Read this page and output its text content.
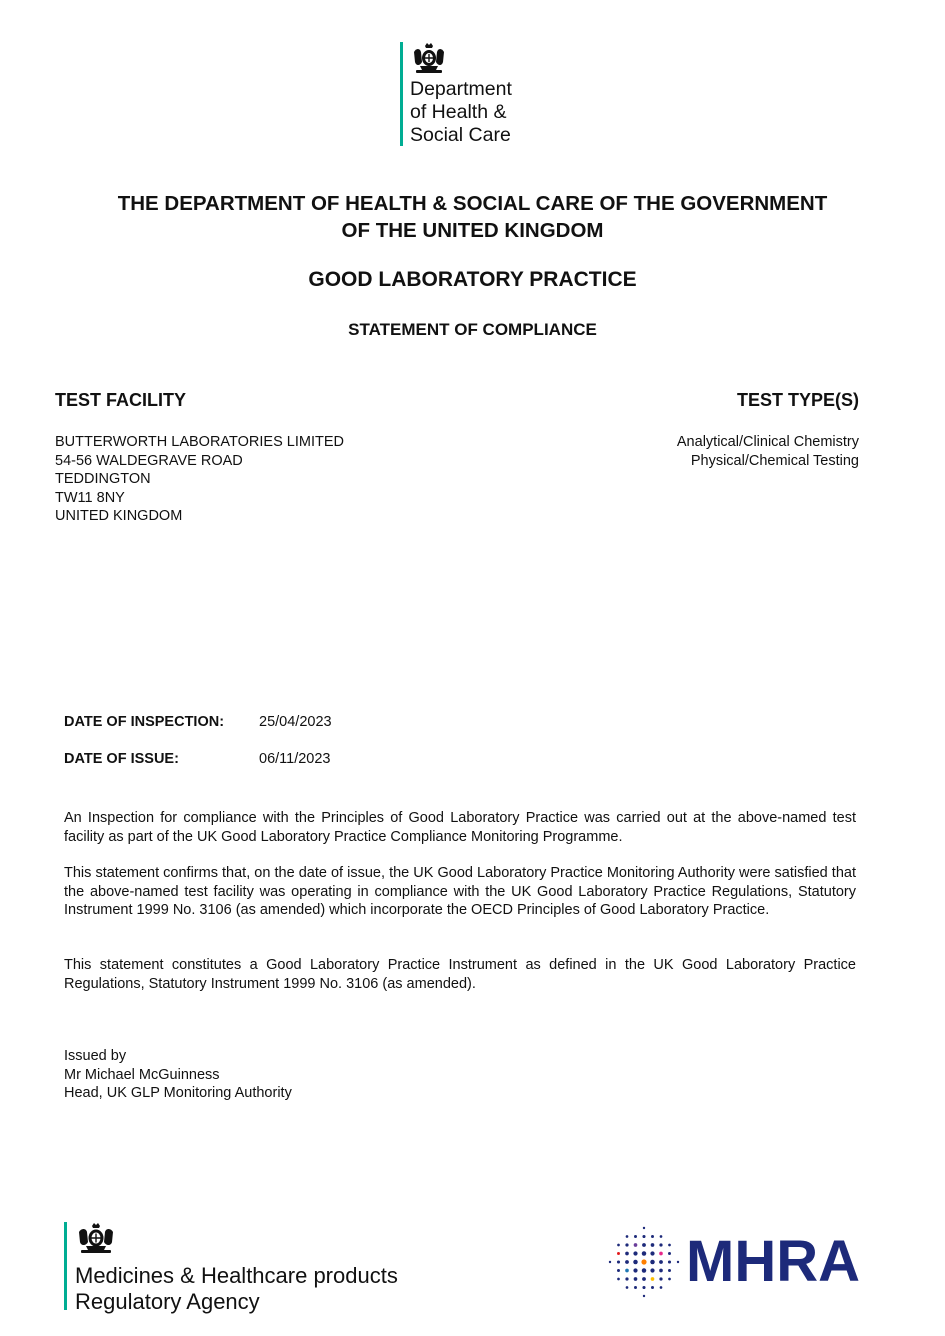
Department
of Health &
Social Care
THE DEPARTMENT OF HEALTH & SOCIAL CARE OF THE GOVERNMENT
OF THE UNITED KINGDOM
GOOD LABORATORY PRACTICE
STATEMENT OF COMPLIANCE
TEST FACILITY	TEST TYPE(S)
BUTTERWORTH LABORATORIES LIMITED
54-56 WALDEGRAVE ROAD
TEDDINGTON
TW11 8NY
UNITED KINGDOM
Analytical/Clinical Chemistry
Physical/Chemical Testing
DATE OF INSPECTION:	25/04/2023
DATE OF ISSUE:	06/11/2023
An Inspection for compliance with the Principles of Good Laboratory Practice was carried out at the above-named test facility as part of the UK Good Laboratory Practice Compliance Monitoring Programme.
This statement confirms that, on the date of issue, the UK Good Laboratory Practice Monitoring Authority were satisfied that the above-named test facility was operating in compliance with the UK Good Laboratory Practice Regulations, Statutory Instrument 1999 No. 3106 (as amended) which incorporate the OECD Principles of Good Laboratory Practice.
This statement constitutes a Good Laboratory Practice Instrument as defined in the UK Good Laboratory Practice Regulations, Statutory Instrument 1999 No. 3106 (as amended).
Issued by
Mr Michael McGuinness
Head, UK GLP Monitoring Authority
Medicines & Healthcare products
Regulatory Agency
MHRA
